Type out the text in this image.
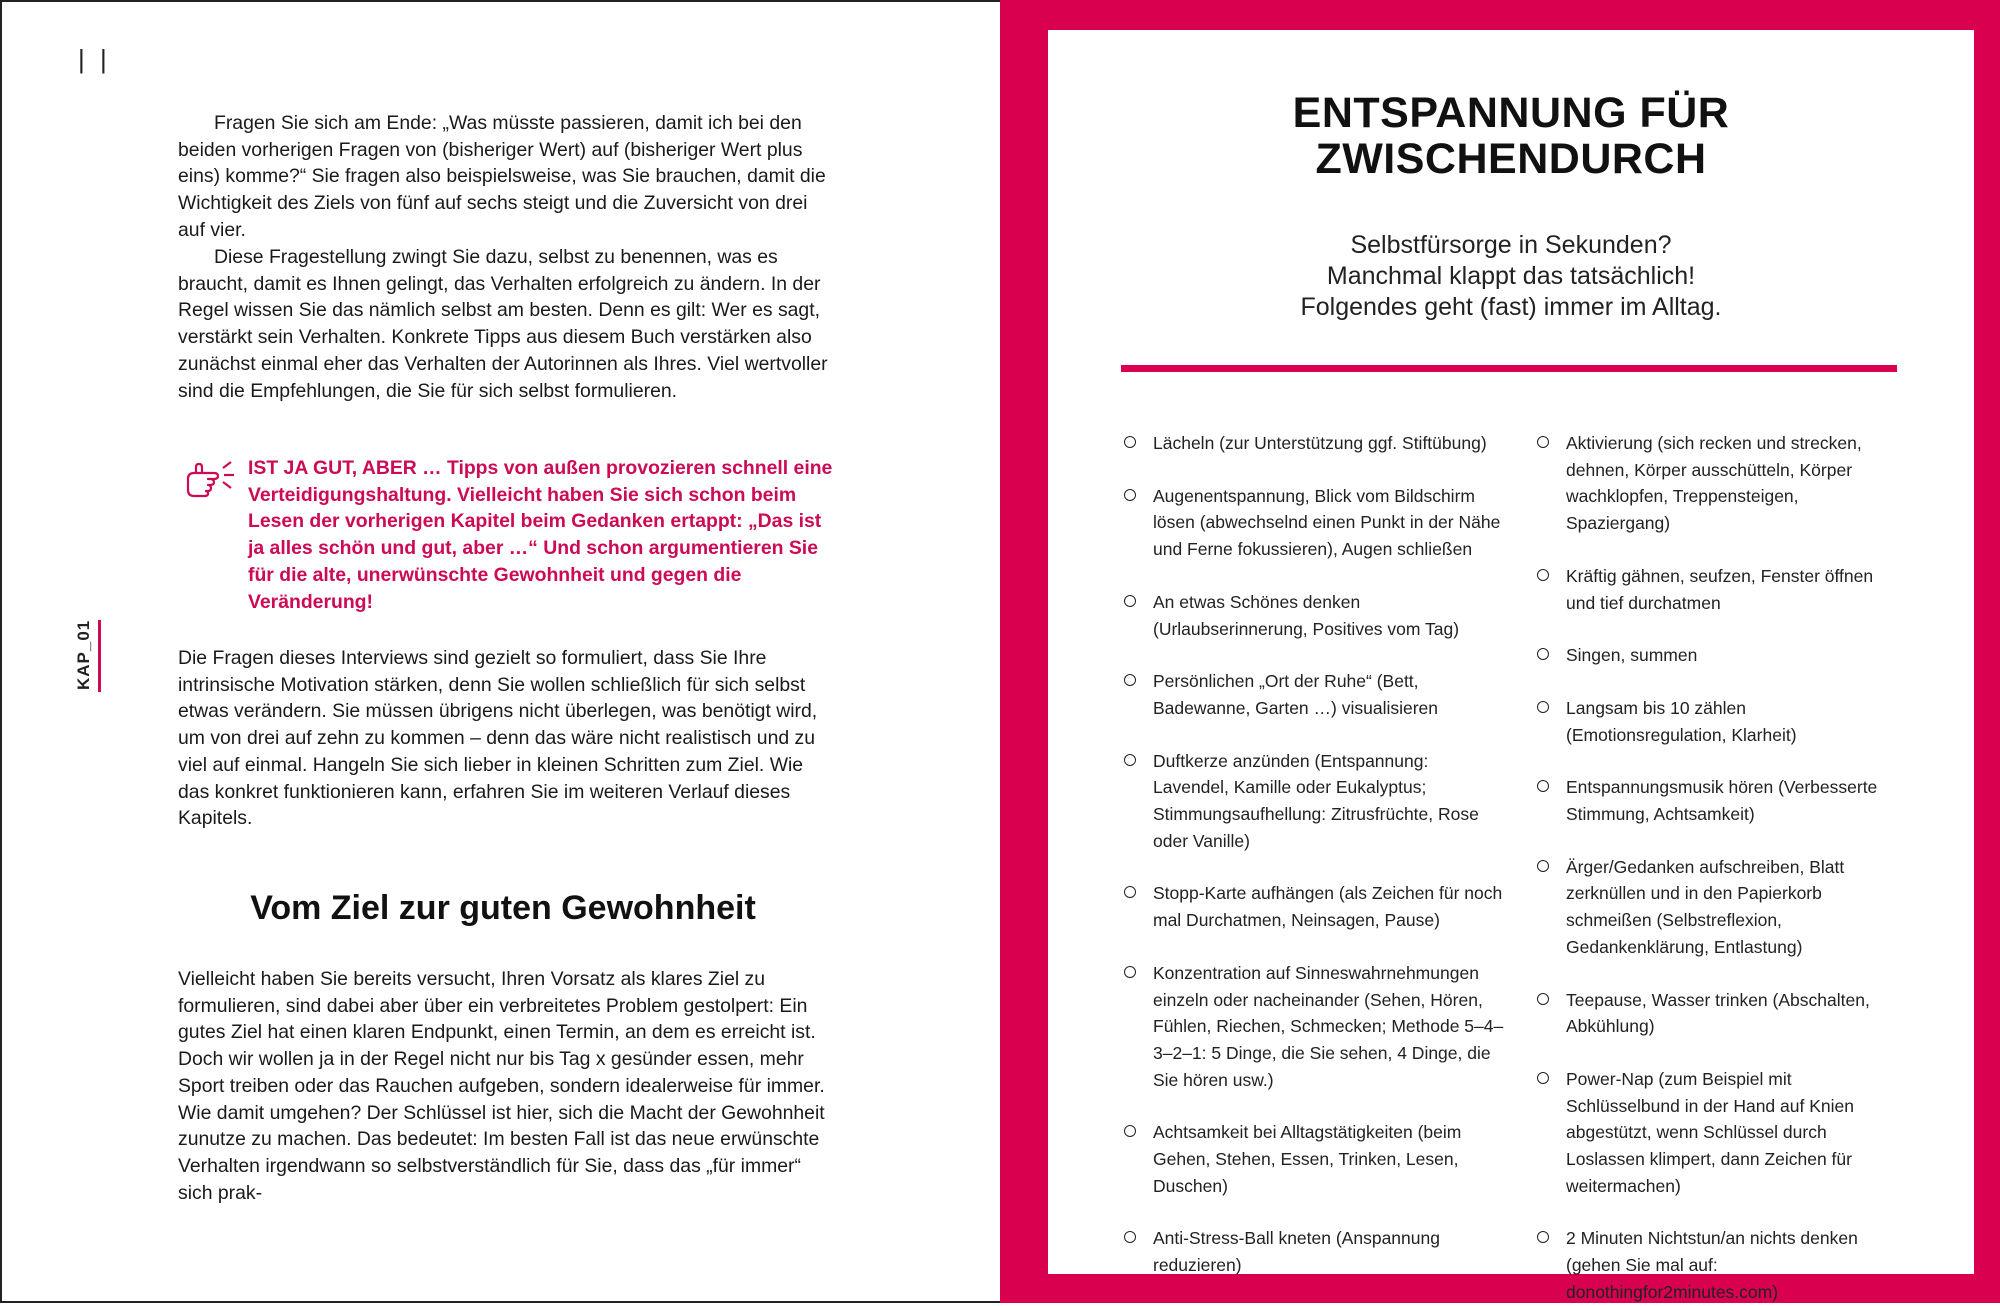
| |
KAP_01

Fragen Sie sich am Ende: „Was müsste passieren, damit ich bei den beiden vorherigen Fragen von (bisheriger Wert) auf (bisheriger Wert plus eins) komme?“ Sie fragen also beispielsweise, was Sie brauchen, damit die Wichtigkeit des Ziels von fünf auf sechs steigt und die Zuversicht von drei auf vier.

Diese Fragestellung zwingt Sie dazu, selbst zu benennen, was es braucht, damit es Ihnen gelingt, das Verhalten erfolgreich zu ändern. In der Regel wissen Sie das nämlich selbst am besten. Denn es gilt: Wer es sagt, verstärkt sein Verhalten. Konkrete Tipps aus diesem Buch verstärken also zunächst einmal eher das Verhalten der Autorinnen als Ihres. Viel wertvoller sind die Empfehlungen, die Sie für sich selbst formulieren.

IST JA GUT, ABER … Tipps von außen provozieren schnell eine Verteidigungshaltung. Vielleicht haben Sie sich schon beim Lesen der vorherigen Kapitel beim Gedanken ertappt: „Das ist ja alles schön und gut, aber …“ Und schon argumentieren Sie für die alte, unerwünschte Gewohnheit und gegen die Veränderung!

Die Fragen dieses Interviews sind gezielt so formuliert, dass Sie Ihre intrinsische Motivation stärken, denn Sie wollen schließlich für sich selbst etwas verändern. Sie müssen übrigens nicht überlegen, was benötigt wird, um von drei auf zehn zu kommen – denn das wäre nicht realistisch und zu viel auf einmal. Hangeln Sie sich lieber in kleinen Schritten zum Ziel. Wie das konkret funktionieren kann, erfahren Sie im weiteren Verlauf dieses Kapitels.

Vom Ziel zur guten Gewohnheit

Vielleicht haben Sie bereits versucht, Ihren Vorsatz als klares Ziel zu formulieren, sind dabei aber über ein verbreitetes Problem gestolpert: Ein gutes Ziel hat einen klaren Endpunkt, einen Termin, an dem es erreicht ist. Doch wir wollen ja in der Regel nicht nur bis Tag x gesünder essen, mehr Sport treiben oder das Rauchen aufgeben, sondern idealerweise für immer. Wie damit umgehen? Der Schlüssel ist hier, sich die Macht der Gewohnheit zunutze zu machen. Das bedeutet: Im besten Fall ist das neue erwünschte Verhalten irgendwann so selbstverständlich für Sie, dass das „für immer“ sich prak-

ENTSPANNUNG FÜR
ZWISCHENDURCH

Selbstfürsorge in Sekunden?
Manchmal klappt das tatsächlich!
Folgendes geht (fast) immer im Alltag.

Lächeln (zur Unterstützung ggf. Stiftübung)
Augenentspannung, Blick vom Bildschirm lösen (abwechselnd einen Punkt in der Nähe und Ferne fokussieren), Augen schließen
An etwas Schönes denken (Urlaubserinnerung, Positives vom Tag)
Persönlichen „Ort der Ruhe“ (Bett, Badewanne, Garten …) visualisieren
Duftkerze anzünden (Entspannung: Lavendel, Kamille oder Eukalyptus; Stimmungsaufhellung: Zitrusfrüchte, Rose oder Vanille)
Stopp-Karte aufhängen (als Zeichen für noch mal Durchatmen, Neinsagen, Pause)
Konzentration auf Sinneswahrnehmungen einzeln oder nacheinander (Sehen, Hören, Fühlen, Riechen, Schmecken; Methode 5–4–3–2–1: 5 Dinge, die Sie sehen, 4 Dinge, die Sie hören usw.)
Achtsamkeit bei Alltagstätigkeiten (beim Gehen, Stehen, Essen, Trinken, Lesen, Duschen)
Anti-Stress-Ball kneten (Anspannung reduzieren)
Aktivierung (sich recken und strecken, dehnen, Körper ausschütteln, Körper wachklopfen, Treppensteigen, Spaziergang)
Kräftig gähnen, seufzen, Fenster öffnen und tief durchatmen
Singen, summen
Langsam bis 10 zählen (Emotionsregulation, Klarheit)
Entspannungsmusik hören (Verbesserte Stimmung, Achtsamkeit)
Ärger/Gedanken aufschreiben, Blatt zerknüllen und in den Papierkorb schmeißen (Selbstreflexion, Gedankenklärung, Entlastung)
Teepause, Wasser trinken (Abschalten, Abkühlung)
Power-Nap (zum Beispiel mit Schlüsselbund in der Hand auf Knien abgestützt, wenn Schlüssel durch Loslassen klimpert, dann Zeichen für weitermachen)
2 Minuten Nichtstun/an nichts denken (gehen Sie mal auf: donothingfor2minutes.com)
